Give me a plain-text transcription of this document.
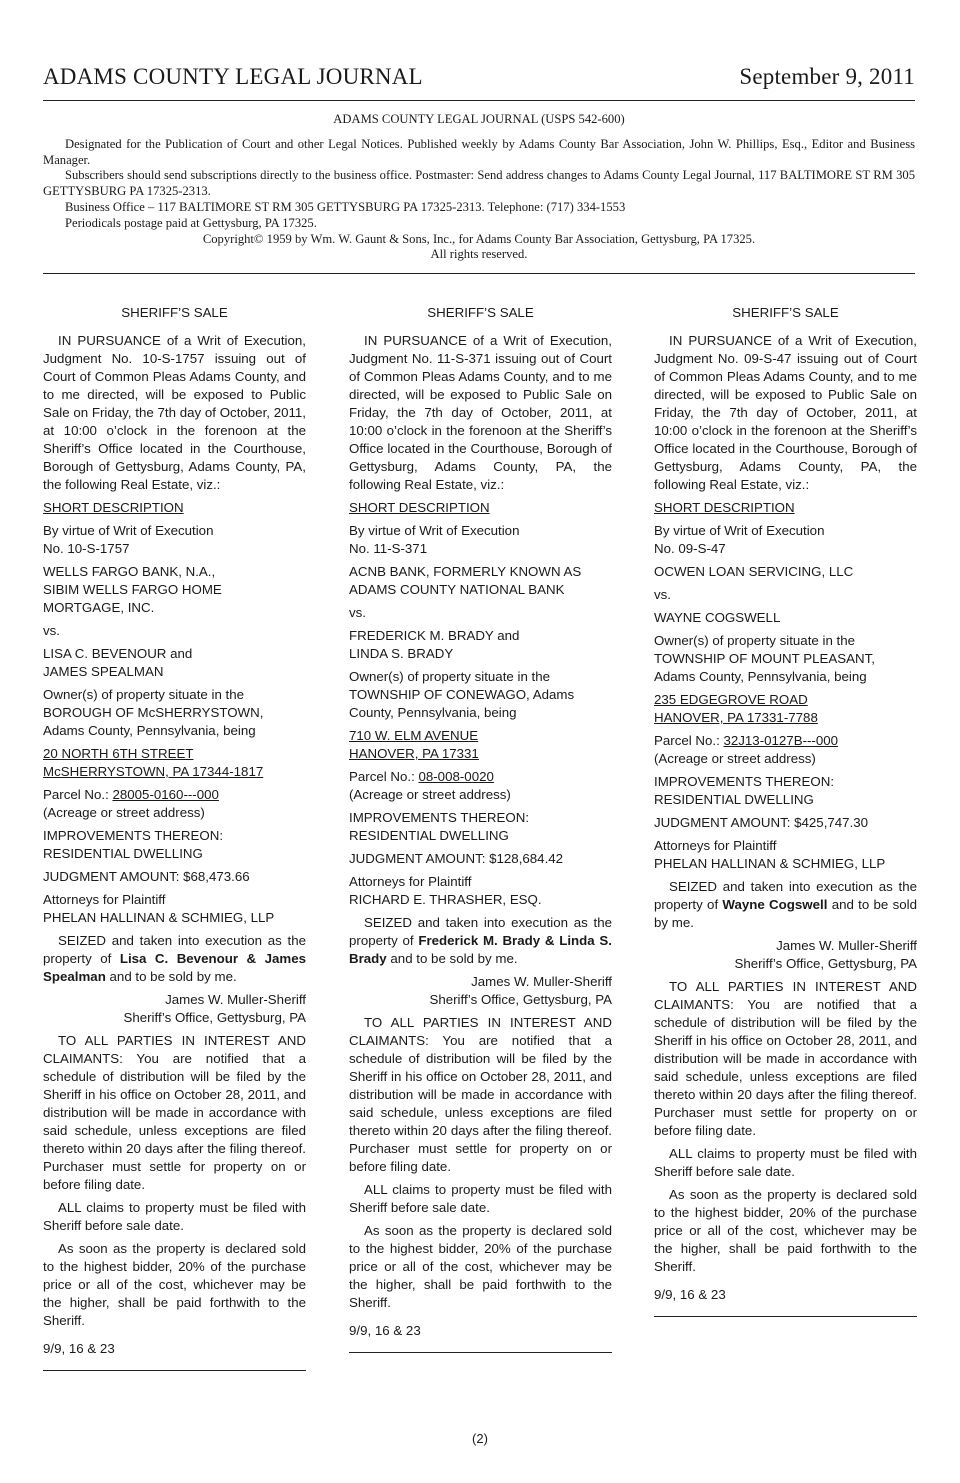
ADAMS COUNTY LEGAL JOURNAL	September 9, 2011

ADAMS COUNTY LEGAL JOURNAL (USPS 542-600)

Designated for the Publication of Court and other Legal Notices. Published weekly by Adams County Bar Association, John W. Phillips, Esq., Editor and Business Manager.

Subscribers should send subscriptions directly to the business office. Postmaster: Send address changes to Adams County Legal Journal, 117 BALTIMORE ST RM 305 GETTYSBURG PA 17325-2313.

Business Office – 117 BALTIMORE ST RM 305 GETTYSBURG PA 17325-2313. Telephone: (717) 334-1553

Periodicals postage paid at Gettysburg, PA 17325.

Copyright© 1959 by Wm. W. Gaunt & Sons, Inc., for Adams County Bar Association, Gettysburg, PA 17325.

All rights reserved.

SHERIFF’S SALE

IN PURSUANCE of a Writ of Execution, Judgment No. 10-S-1757 issuing out of Court of Common Pleas Adams County, and to me directed, will be exposed to Public Sale on Friday, the 7th day of October, 2011, at 10:00 o’clock in the forenoon at the Sheriff’s Office located in the Courthouse, Borough of Gettysburg, Adams County, PA, the following Real Estate, viz.:

SHORT DESCRIPTION

By virtue of Writ of Execution
No. 10-S-1757

WELLS FARGO BANK, N.A.,
SIBIM WELLS FARGO HOME
MORTGAGE, INC.

vs.

LISA C. BEVENOUR and
JAMES SPEALMAN

Owner(s) of property situate in the
BOROUGH OF McSHERRYSTOWN,
Adams County, Pennsylvania, being

20 NORTH 6TH STREET
McSHERRYSTOWN, PA 17344-1817

Parcel No.: 28005-0160---000
(Acreage or street address)

IMPROVEMENTS THEREON:
RESIDENTIAL DWELLING

JUDGMENT AMOUNT: $68,473.66

Attorneys for Plaintiff
PHELAN HALLINAN & SCHMIEG, LLP

SEIZED and taken into execution as the property of Lisa C. Bevenour & James Spealman and to be sold by me.

James W. Muller-Sheriff
Sheriff’s Office, Gettysburg, PA

TO ALL PARTIES IN INTEREST AND CLAIMANTS: You are notified that a schedule of distribution will be filed by the Sheriff in his office on October 28, 2011, and distribution will be made in accordance with said schedule, unless exceptions are filed thereto within 20 days after the filing thereof. Purchaser must settle for property on or before filing date.

ALL claims to property must be filed with Sheriff before sale date.

As soon as the property is declared sold to the highest bidder, 20% of the purchase price or all of the cost, whichever may be the higher, shall be paid forthwith to the Sheriff.

9/9, 16 & 23

SHERIFF’S SALE

IN PURSUANCE of a Writ of Execution, Judgment No. 11-S-371 issuing out of Court of Common Pleas Adams County, and to me directed, will be exposed to Public Sale on Friday, the 7th day of October, 2011, at 10:00 o’clock in the forenoon at the Sheriff’s Office located in the Courthouse, Borough of Gettysburg, Adams County, PA, the following Real Estate, viz.:

SHORT DESCRIPTION

By virtue of Writ of Execution
No. 11-S-371

ACNB BANK, FORMERLY KNOWN AS
ADAMS COUNTY NATIONAL BANK

vs.

FREDERICK M. BRADY and
LINDA S. BRADY

Owner(s) of property situate in the
TOWNSHIP OF CONEWAGO, Adams
County, Pennsylvania, being

710 W. ELM AVENUE
HANOVER, PA 17331

Parcel No.: 08-008-0020
(Acreage or street address)

IMPROVEMENTS THEREON:
RESIDENTIAL DWELLING

JUDGMENT AMOUNT: $128,684.42

Attorneys for Plaintiff
RICHARD E. THRASHER, ESQ.

SEIZED and taken into execution as the property of Frederick M. Brady & Linda S. Brady and to be sold by me.

James W. Muller-Sheriff
Sheriff’s Office, Gettysburg, PA

TO ALL PARTIES IN INTEREST AND CLAIMANTS: You are notified that a schedule of distribution will be filed by the Sheriff in his office on October 28, 2011, and distribution will be made in accordance with said schedule, unless exceptions are filed thereto within 20 days after the filing thereof. Purchaser must settle for property on or before filing date.

ALL claims to property must be filed with Sheriff before sale date.

As soon as the property is declared sold to the highest bidder, 20% of the purchase price or all of the cost, whichever may be the higher, shall be paid forthwith to the Sheriff.

9/9, 16 & 23

SHERIFF’S SALE

IN PURSUANCE of a Writ of Execution, Judgment No. 09-S-47 issuing out of Court of Common Pleas Adams County, and to me directed, will be exposed to Public Sale on Friday, the 7th day of October, 2011, at 10:00 o’clock in the forenoon at the Sheriff’s Office located in the Courthouse, Borough of Gettysburg, Adams County, PA, the following Real Estate, viz.:

SHORT DESCRIPTION

By virtue of Writ of Execution
No. 09-S-47

OCWEN LOAN SERVICING, LLC

vs.

WAYNE COGSWELL

Owner(s) of property situate in the
TOWNSHIP OF MOUNT PLEASANT,
Adams County, Pennsylvania, being

235 EDGEGROVE ROAD
HANOVER, PA 17331-7788

Parcel No.: 32J13-0127B---000
(Acreage or street address)

IMPROVEMENTS THEREON:
RESIDENTIAL DWELLING

JUDGMENT AMOUNT: $425,747.30

Attorneys for Plaintiff
PHELAN HALLINAN & SCHMIEG, LLP

SEIZED and taken into execution as the property of Wayne Cogswell and to be sold by me.

James W. Muller-Sheriff
Sheriff’s Office, Gettysburg, PA

TO ALL PARTIES IN INTEREST AND CLAIMANTS: You are notified that a schedule of distribution will be filed by the Sheriff in his office on October 28, 2011, and distribution will be made in accordance with said schedule, unless exceptions are filed thereto within 20 days after the filing thereof. Purchaser must settle for property on or before filing date.

ALL claims to property must be filed with Sheriff before sale date.

As soon as the property is declared sold to the highest bidder, 20% of the purchase price or all of the cost, whichever may be the higher, shall be paid forthwith to the Sheriff.

9/9, 16 & 23

(2)
